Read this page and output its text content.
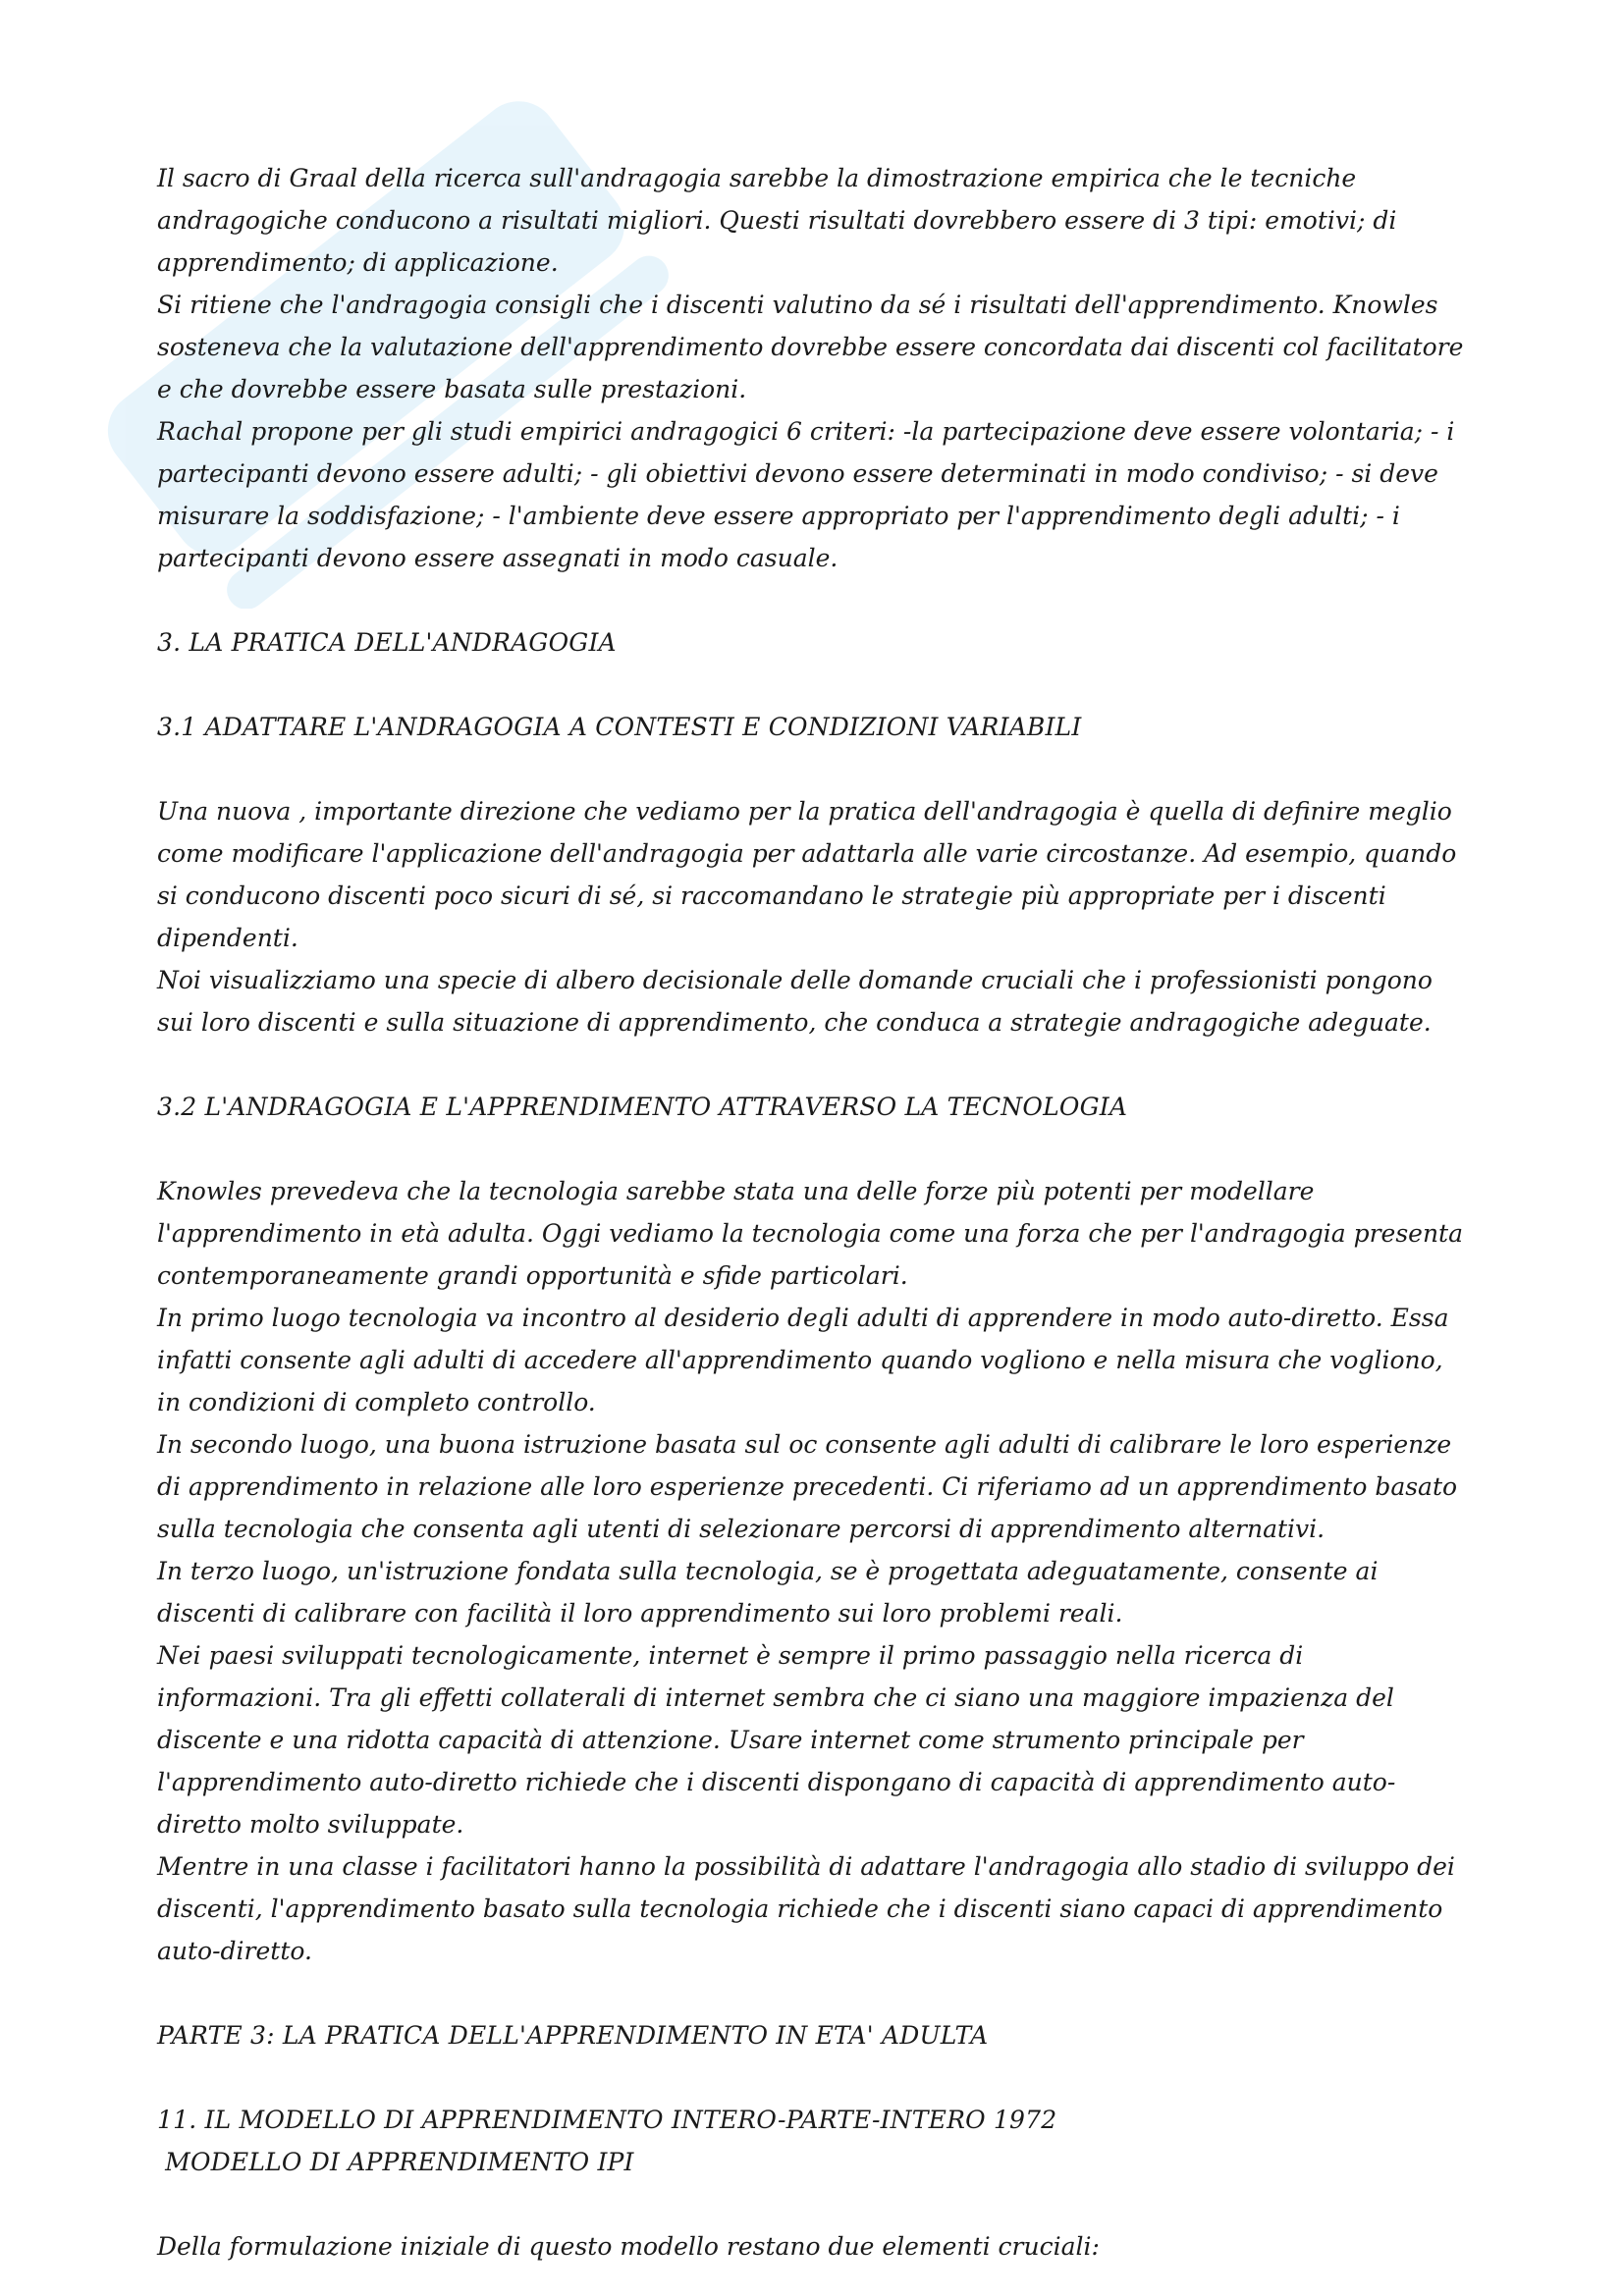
Il sacro di Graal della ricerca sull'andragogia sarebbe la dimostrazione empirica che le tecniche andragogiche conducono a risultati migliori. Questi risultati dovrebbero essere di 3 tipi: emotivi; di apprendimento; di applicazione.

Si ritiene che l'andragogia consigli che i discenti valutino da sé i risultati dell'apprendimento. Knowles sosteneva che la valutazione dell'apprendimento dovrebbe essere concordata dai discenti col facilitatore e che dovrebbe essere basata sulle prestazioni.

Rachal propone per gli studi empirici andragogici 6 criteri: -la partecipazione deve essere volontaria; - i partecipanti devono essere adulti; - gli obiettivi devono essere determinati in modo condiviso; - si deve misurare la soddisfazione; - l'ambiente deve essere appropriato per l'apprendimento degli adulti; - i partecipanti devono essere assegnati in modo casuale.

3. LA PRATICA DELL'ANDRAGOGIA

3.1 ADATTARE L'ANDRAGOGIA A CONTESTI E CONDIZIONI VARIABILI

Una nuova , importante direzione che vediamo per la pratica dell'andragogia è quella di definire meglio come modificare l'applicazione dell'andragogia per adattarla alle varie circostanze. Ad esempio, quando si conducono discenti poco sicuri di sé, si raccomandano le strategie più appropriate per i discenti dipendenti.

Noi visualizziamo una specie di albero decisionale delle domande cruciali che i professionisti pongono sui loro discenti e sulla situazione di apprendimento, che conduca a strategie andragogiche adeguate.

3.2 L'ANDRAGOGIA E L'APPRENDIMENTO ATTRAVERSO LA TECNOLOGIA

Knowles prevedeva che la tecnologia sarebbe stata una delle forze più potenti per modellare l'apprendimento in età adulta. Oggi vediamo la tecnologia come una forza che per l'andragogia presenta contemporaneamente grandi opportunità e sfide particolari.

In primo luogo tecnologia va incontro al desiderio degli adulti di apprendere in modo auto-diretto. Essa infatti consente agli adulti di accedere all'apprendimento quando vogliono e nella misura che vogliono, in condizioni di completo controllo.

In secondo luogo, una buona istruzione basata sul oc consente agli adulti di calibrare le loro esperienze di apprendimento in relazione alle loro esperienze precedenti. Ci riferiamo ad un apprendimento basato sulla tecnologia che consenta agli utenti di selezionare percorsi di apprendimento alternativi.

In terzo luogo, un'istruzione fondata sulla tecnologia, se è progettata adeguatamente, consente ai discenti di calibrare con facilità il loro apprendimento sui loro problemi reali.

Nei paesi sviluppati tecnologicamente, internet è sempre il primo passaggio nella ricerca di informazioni. Tra gli effetti collaterali di internet sembra che ci siano una maggiore impazienza del discente e una ridotta capacità di attenzione. Usare internet come strumento principale per l'apprendimento auto-diretto richiede che i discenti dispongano di capacità di apprendimento auto-diretto molto sviluppate.

Mentre in una classe i facilitatori hanno la possibilità di adattare l'andragogia allo stadio di sviluppo dei discenti, l'apprendimento basato sulla tecnologia richiede che i discenti siano capaci di apprendimento auto-diretto.

PARTE 3: LA PRATICA DELL'APPRENDIMENTO IN ETA' ADULTA

11. IL MODELLO DI APPRENDIMENTO INTERO-PARTE-INTERO 1972

MODELLO DI APPRENDIMENTO IPI

Della formulazione iniziale di questo modello restano due elementi cruciali:
